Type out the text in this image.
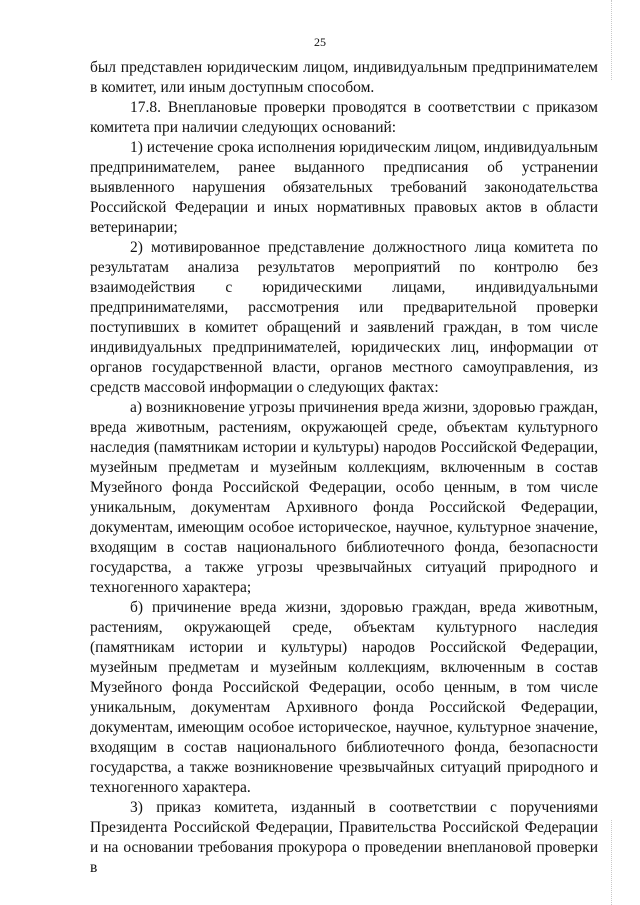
25

был представлен юридическим лицом, индивидуальным предпринимателем в комитет, или иным доступным способом.

17.8. Внеплановые проверки проводятся в соответствии с приказом комитета при наличии следующих оснований:

1) истечение срока исполнения юридическим лицом, индивидуальным предпринимателем, ранее выданного предписания об устранении выявленного нарушения обязательных требований законодательства Российской Федерации и иных нормативных правовых актов в области ветеринарии;

2) мотивированное представление должностного лица комитета по результатам анализа результатов мероприятий по контролю без взаимодействия с юридическими лицами, индивидуальными предпринимателями, рассмотрения или предварительной проверки поступивших в комитет обращений и заявлений граждан, в том числе индивидуальных предпринимателей, юридических лиц, информации от органов государственной власти, органов местного самоуправления, из средств массовой информации о следующих фактах:

а) возникновение угрозы причинения вреда жизни, здоровью граждан, вреда животным, растениям, окружающей среде, объектам культурного наследия (памятникам истории и культуры) народов Российской Федерации, музейным предметам и музейным коллекциям, включенным в состав Музейного фонда Российской Федерации, особо ценным, в том числе уникальным, документам Архивного фонда Российской Федерации, документам, имеющим особое историческое, научное, культурное значение, входящим в состав национального библиотечного фонда, безопасности государства, а также угрозы чрезвычайных ситуаций природного и техногенного характера;

б) причинение вреда жизни, здоровью граждан, вреда животным, растениям, окружающей среде, объектам культурного наследия (памятникам истории и культуры) народов Российской Федерации, музейным предметам и музейным коллекциям, включенным в состав Музейного фонда Российской Федерации, особо ценным, в том числе уникальным, документам Архивного фонда Российской Федерации, документам, имеющим особое историческое, научное, культурное значение, входящим в состав национального библиотечного фонда, безопасности государства, а также возникновение чрезвычайных ситуаций природного и техногенного характера.

3) приказ комитета, изданный в соответствии с поручениями Президента Российской Федерации, Правительства Российской Федерации и на основании требования прокурора о проведении внеплановой проверки в
